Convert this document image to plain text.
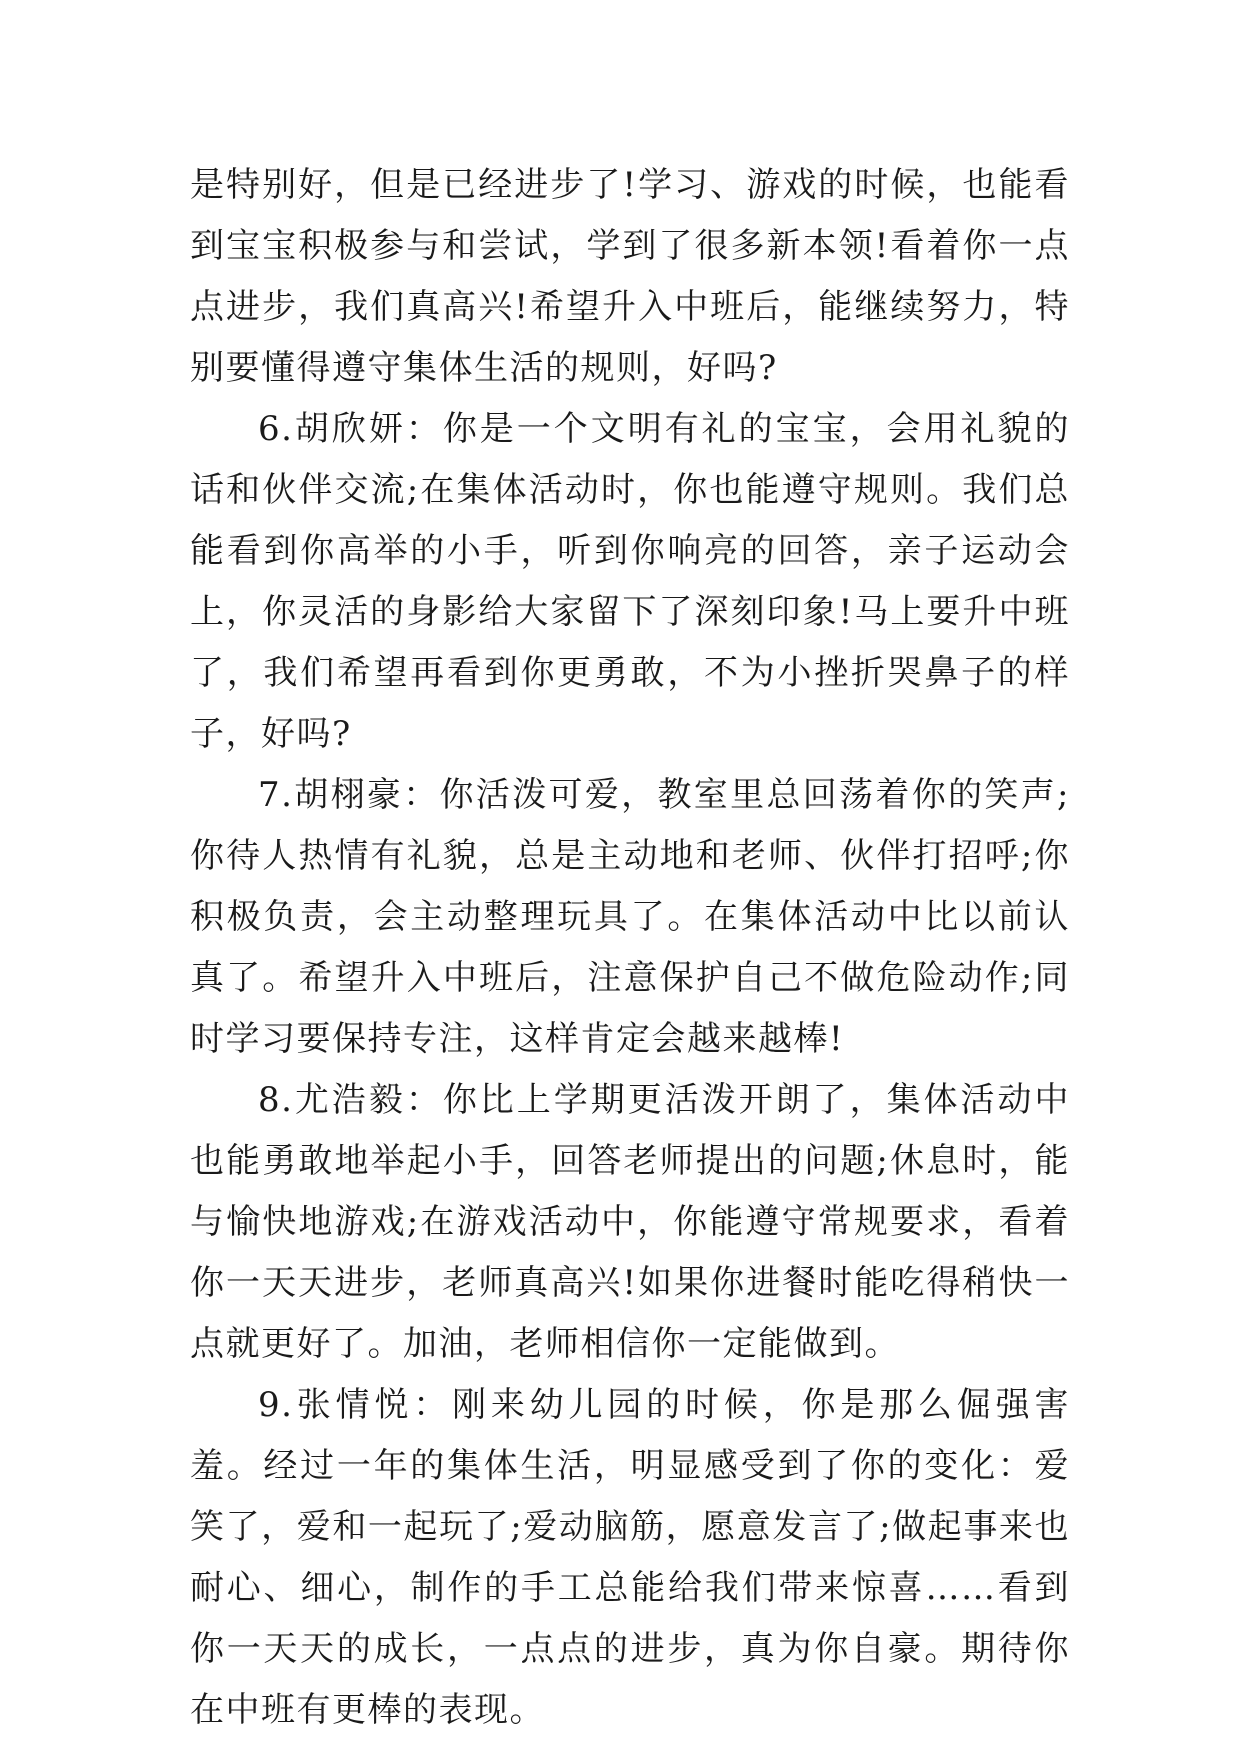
是特别好，但是已经进步了!学习、游戏的时候，也能看到宝宝积极参与和尝试，学到了很多新本领!看着你一点点进步，我们真高兴!希望升入中班后，能继续努力，特别要懂得遵守集体生活的规则，好吗?

6.胡欣妍：你是一个文明有礼的宝宝，会用礼貌的话和伙伴交流;在集体活动时，你也能遵守规则。我们总能看到你高举的小手，听到你响亮的回答，亲子运动会上，你灵活的身影给大家留下了深刻印象!马上要升中班了，我们希望再看到你更勇敢，不为小挫折哭鼻子的样子，好吗?

7.胡栩豪：你活泼可爱，教室里总回荡着你的笑声;你待人热情有礼貌，总是主动地和老师、伙伴打招呼;你积极负责，会主动整理玩具了。在集体活动中比以前认真了。希望升入中班后，注意保护自己不做危险动作;同时学习要保持专注，这样肯定会越来越棒!

8.尤浩毅：你比上学期更活泼开朗了，集体活动中也能勇敢地举起小手，回答老师提出的问题;休息时，能与愉快地游戏;在游戏活动中，你能遵守常规要求，看着你一天天进步，老师真高兴!如果你进餐时能吃得稍快一点就更好了。加油，老师相信你一定能做到。

9.张情悦：刚来幼儿园的时候，你是那么倔强害羞。经过一年的集体生活，明显感受到了你的变化：爱笑了，爱和一起玩了;爱动脑筋，愿意发言了;做起事来也耐心、细心，制作的手工总能给我们带来惊喜……看到你一天天的成长，一点点的进步，真为你自豪。期待你在中班有更棒的表现。
